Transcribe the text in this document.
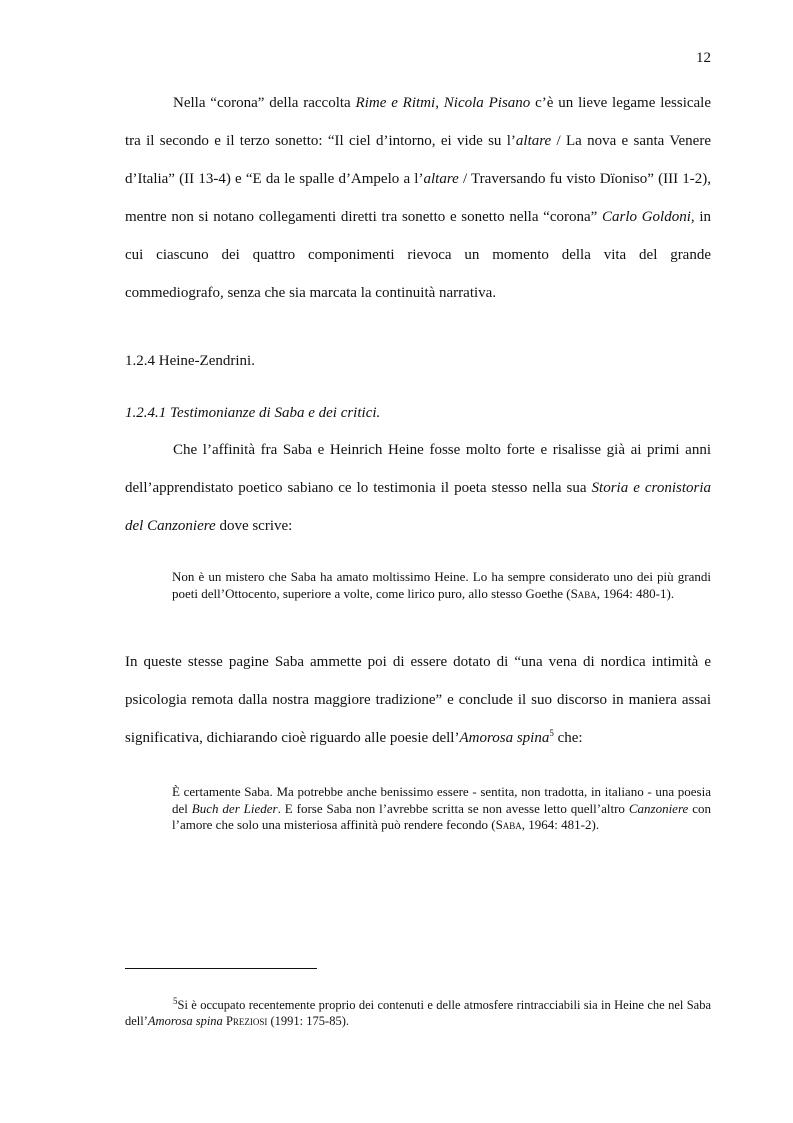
12

Nella “corona” della raccolta Rime e Ritmi, Nicola Pisano c’è un lieve legame lessicale tra il secondo e il terzo sonetto: “Il ciel d’intorno, ei vide su l’altare / La nova e santa Venere d’Italia” (II 13-4) e “E da le spalle d’Ampelo a l’altare / Traversando fu visto Dïoniso” (III 1-2), mentre non si notano collegamenti diretti tra sonetto e sonetto nella “corona” Carlo Goldoni, in cui ciascuno dei quattro componimenti rievoca un momento della vita del grande commediografo, senza che sia marcata la continuità narrativa.

1.2.4 Heine-Zendrini.

1.2.4.1 Testimonianze di Saba e dei critici.

Che l’affinità fra Saba e Heinrich Heine fosse molto forte e risalisse già ai primi anni dell’apprendistato poetico sabiano ce lo testimonia il poeta stesso nella sua Storia e cronistoria del Canzoniere dove scrive:

Non è un mistero che Saba ha amato moltissimo Heine. Lo ha sempre considerato uno dei più grandi poeti dell’Ottocento, superiore a volte, come lirico puro, allo stesso Goethe (Saba, 1964: 480-1).

In queste stesse pagine Saba ammette poi di essere dotato di “una vena di nordica intimità e psicologia remota dalla nostra maggiore tradizione” e conclude il suo discorso in maniera assai significativa, dichiarando cioè riguardo alle poesie dell’Amorosa spina$^5$ che:

È certamente Saba. Ma potrebbe anche benissimo essere - sentita, non tradotta, in italiano - una poesia del Buch der Lieder. E forse Saba non l’avrebbe scritta se non avesse letto quell’altro Canzoniere con l’amore che solo una misteriosa affinità può rendere fecondo (Saba, 1964: 481-2).

$^5$Si è occupato recentemente proprio dei contenuti e delle atmosfere rintracciabili sia in Heine che nel Saba dell’Amorosa spina Preziosi (1991: 175-85).
